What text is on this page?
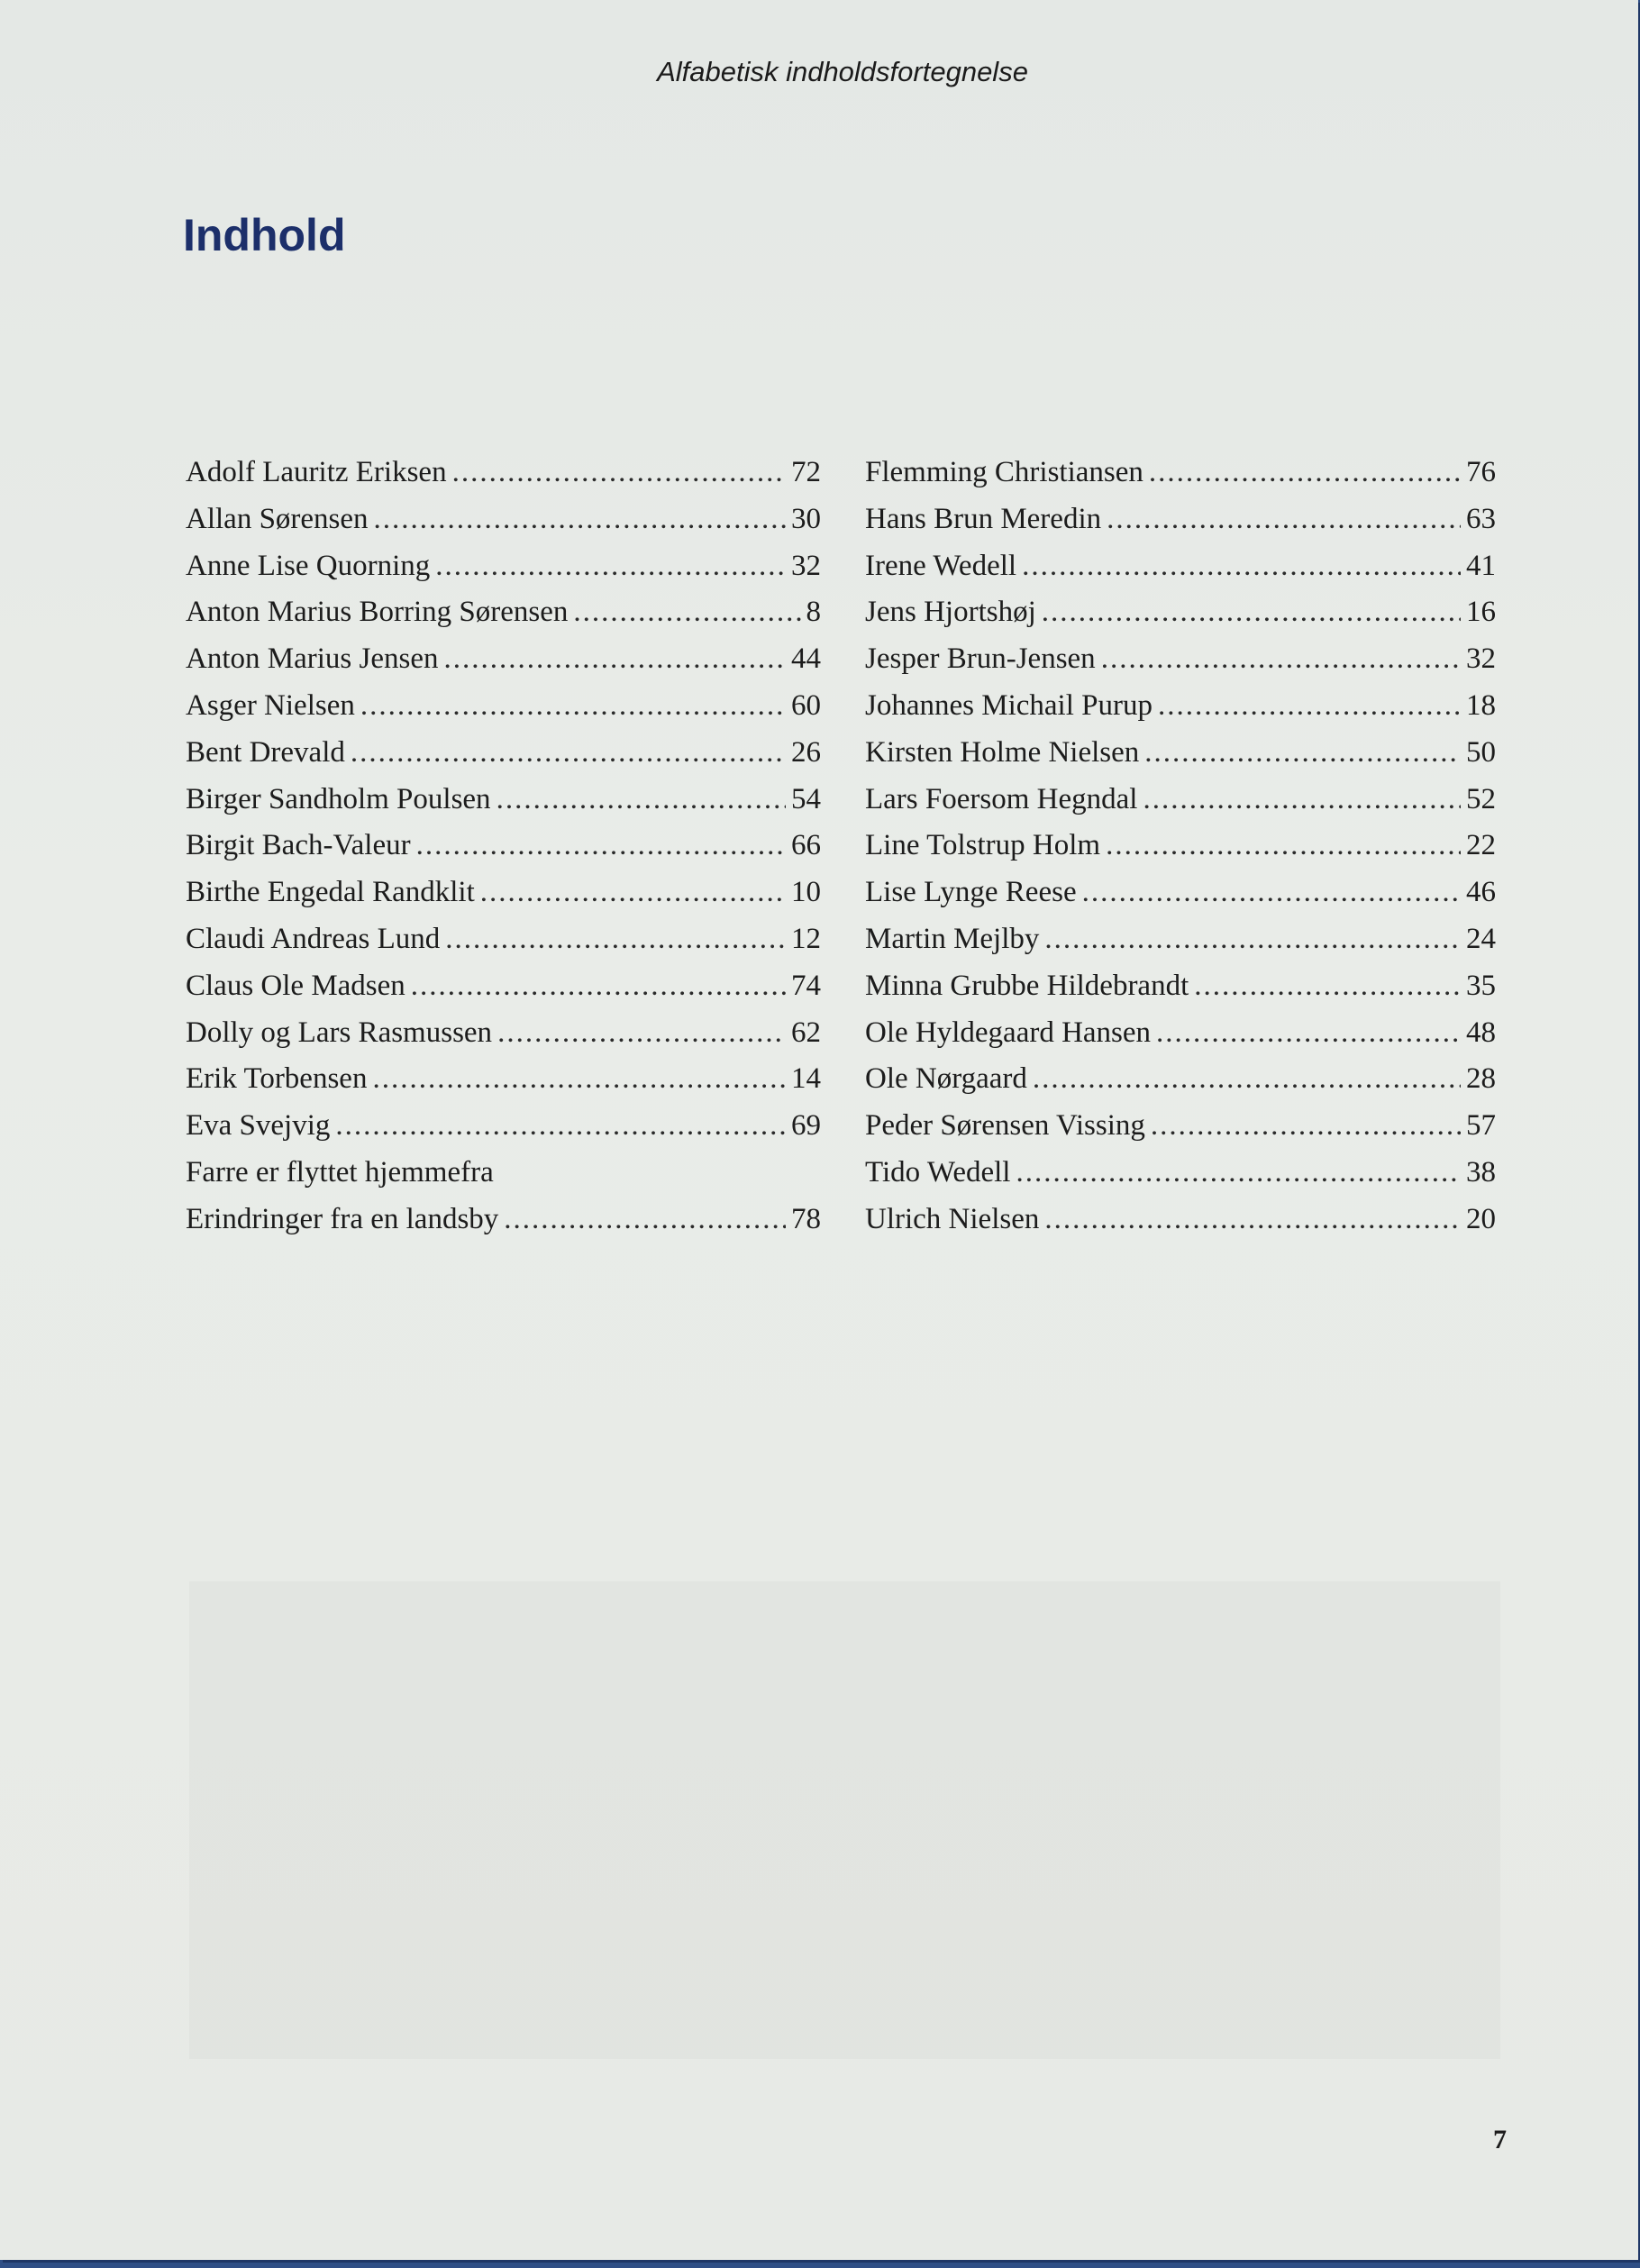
Alfabetisk indholdsfortegnelse
Indhold
Adolf Lauritz Eriksen .....	72
Allan Sørensen .....	30
Anne Lise Quorning .....	32
Anton Marius Borring Sørensen .....	8
Anton Marius Jensen .....	44
Asger Nielsen .....	60
Bent Drevald .....	26
Birger Sandholm Poulsen .....	54
Birgit Bach-Valeur .....	66
Birthe Engedal Randklit .....	10
Claudi Andreas Lund .....	12
Claus Ole Madsen .....	74
Dolly og Lars Rasmussen .....	62
Erik Torbensen .....	14
Eva Svejvig .....	69
Farre er flyttet hjemmefra
Erindringer fra en landsby .....	78
Flemming Christiansen .....	76
Hans Brun Meredin .....	63
Irene Wedell .....	41
Jens Hjortshøj .....	16
Jesper Brun-Jensen .....	32
Johannes Michail Purup .....	18
Kirsten Holme Nielsen .....	50
Lars Foersom Hegndal .....	52
Line Tolstrup Holm .....	22
Lise Lynge Reese .....	46
Martin Mejlby .....	24
Minna Grubbe Hildebrandt .....	35
Ole Hyldegaard Hansen .....	48
Ole Nørgaard .....	28
Peder Sørensen Vissing .....	57
Tido Wedell .....	38
Ulrich Nielsen .....	20
7
